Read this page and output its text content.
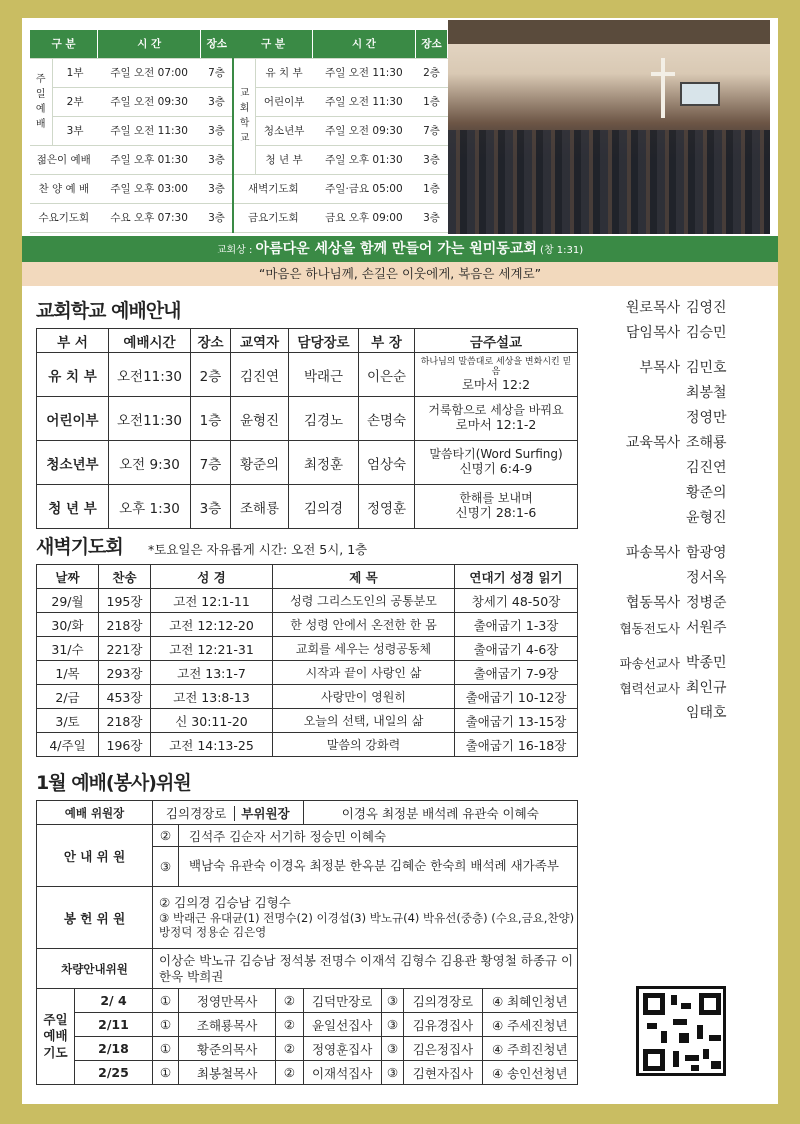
구 분		시 간	장소	구 분		시 간	장소
주일예배	1부	주일 오전 07:00	7층	교회학교	유 치 부	주일 오전 11:30	2층
	2부	주일 오전 09:30	3층		어린이부	주일 오전 11:30	1층
	3부	주일 오전 11:30	3층		청소년부	주일 오전 09:30	7층
젊은이 예배		주일 오후 01:30	3층		청 년 부	주일 오후 01:30	3층
찬 양 예 배		주일 오후 03:00	3층	새벽기도회		주일·금요 05:00	1층
수요기도회		수요 오후 07:30	3층	금요기도회		금요 오후 09:00	3층
교회상 : 아름다운 세상을 함께 만들어 가는 원미동교회 (창 1:31)
“마음은 하나님께, 손길은 이웃에게, 복음은 세계로”
교회학교 예배안내
부 서	예배시간	장소	교역자	담당장로	부 장	금주설교
유 치 부	오전11:30	2층	김진연	박래근	이은순	하나님의 말씀대로 세상을 변화시킨 믿음
로마서 12:2

어린이부	오전11:30	1층	윤형진	김경노	손명숙	거룩함으로 세상을 바꿔요
로마서 12:1-2

청소년부	오전 9:30	7층	황준의	최정훈	엄상숙	말씀타기(Word Surfing)
신명기 6:4-9

청 년 부	오후 1:30	3층	조해룡	김의경	정영훈	한해를 보내며
신명기 28:1-6
새벽기도회 *토요일은 자유롭게 시간: 오전 5시, 1층
날짜	찬송	성 경	제 목	연대기 성경 읽기
29/월	195장	고전 12:1-11	성령 그리스도인의 공통분모	창세기 48-50장
30/화	218장	고전 12:12-20	한 성령 안에서 온전한 한 몸	출애굽기 1-3장
31/수	221장	고전 12:21-31	교회를 세우는 성령공동체	출애굽기 4-6장
1/목	293장	고전 13:1-7	시작과 끝이 사랑인 삶	출애굽기 7-9장
2/금	453장	고전 13:8-13	사랑만이 영원히	출애굽기 10-12장
3/토	218장	신 30:11-20	오늘의 선택, 내일의 삶	출애굽기 13-15장
4/주일	196장	고전 14:13-25	말씀의 강화력	출애굽기 16-18장
1월 예배(봉사)위원
예배 위원장		김의경장로 부위원장			이경옥 최정분 배석례 유관숙 이혜숙			
안 내 위 원		②	김석주 김순자 서기하 정승민 이혜숙					
		③	백남숙 유관숙 이경옥 최정분 한옥분 김혜순 한숙희 배석례 새가족부					
봉 헌 위 원		② 김의경 김승남 김형수
③ 박래근 유대균(1) 전명수(2) 이경섭(3) 박노규(4) 박유선(중층) (수요,금요,찬양) 방정덕 정용순 김은영						

차량안내위원		이상순 박노규 김승남 정석봉 전명수 이재석 김형수 김용관 황영철 하종규 이한욱 박희권						
주일 예배 기도	2/ 4	①	정영만목사	②	김덕만장로	③	김의경장로	④ 최혜인청년
	2/11	①	조해룡목사	②	윤일선집사	③	김유경집사	④ 주세진청년
	2/18	①	황준의목사	②	정영훈집사	③	김은정집사	④ 주희진청년
	2/25	①	최봉철목사	②	이재석집사	③	김현자집사	④ 송인선청년
원로목사 김영진
담임목사 김승민
부목사 김민호
최봉철
정영만
교육목사 조해룡
김진연
황준의
윤형진
파송목사 함광영
정서옥
협동목사 정병준
협동전도사 서원주
파송선교사 박종민
협력선교사 최인규
임태호
